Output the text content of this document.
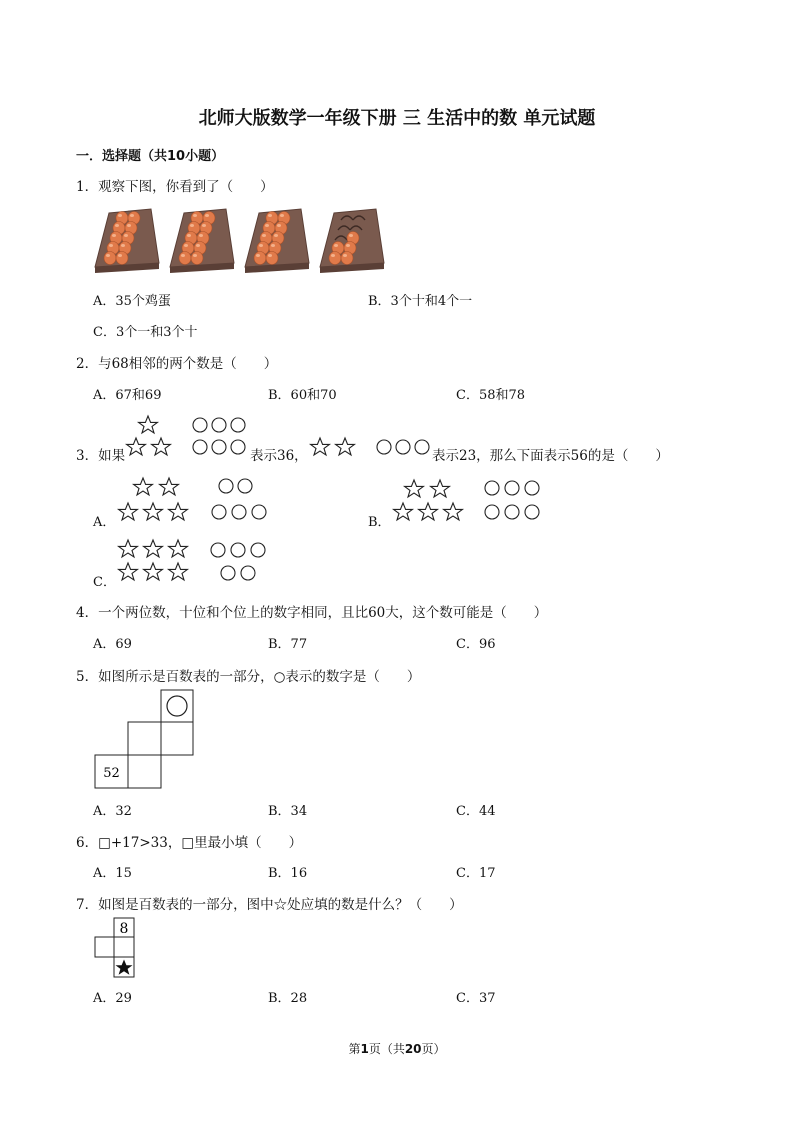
北师大版数学一年级下册 三 生活中的数 单元试题
一．选择题（共10小题）
1．观察下图，你看到了（　　）
A．35个鸡蛋	B．3个十和4个一
C．3个一和3个十
2．与68相邻的两个数是（　　）
A．67和69	B．60和70	C．58和78
3．如果	表示36，	表示23，那么下面表示56的是（　　）
A．	B．
C．
4．一个两位数，十位和个位上的数字相同，且比60大，这个数可能是（　　）
A．69	B．77	C．96
5．如图所示是百数表的一部分，○表示的数字是（　　）
52
A．32	B．34	C．44
6．□+17>33，□里最小填（　　）
A．15	B．16	C．17
7．如图是百数表的一部分，图中☆处应填的数是什么？（　　）
8
A．29	B．28	C．37
第1页（共20页）
